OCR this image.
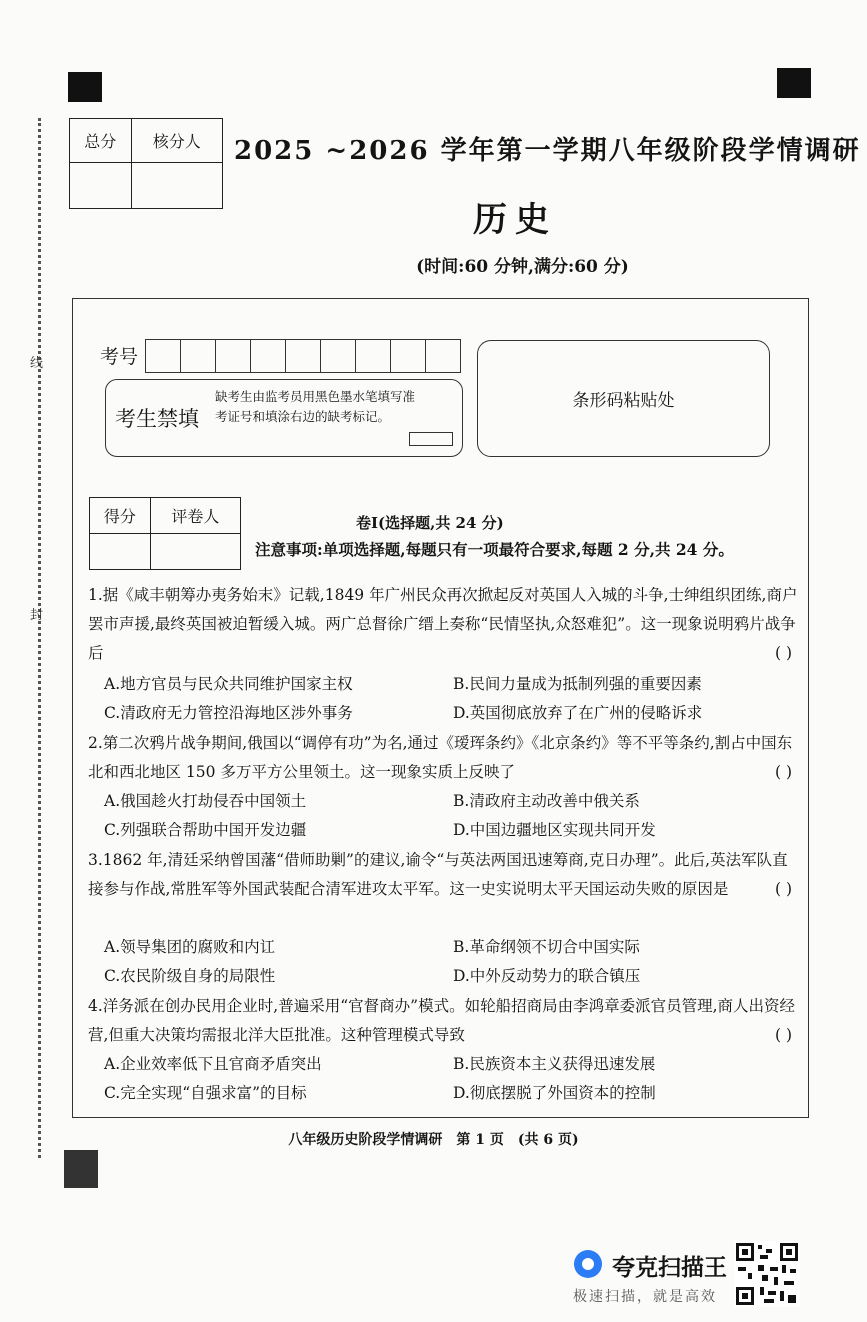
线
封
总分	核分人
	2025 ~2026 学年第一学期八年级阶段学情调研
历史
(时间:60 分钟,满分:60 分)
考号
考生禁填
缺考生由监考员用黑色墨水笔填写准考证号和填涂右边的缺考标记。
条形码粘贴处
得分	评卷人
		卷Ⅰ(选择题,共 24 分)
注意事项:单项选择题,每题只有一项最符合要求,每题 2 分,共 24 分。
1.据《咸丰朝筹办夷务始末》记载,1849 年广州民众再次掀起反对英国人入城的斗争,士绅组织团练,商户罢市声援,最终英国被迫暂缓入城。两广总督徐广缙上奏称“民情坚执,众怒难犯”。这一现象说明鸦片战争后	( )
A.地方官员与民众共同维护国家主权	B.民间力量成为抵制列强的重要因素
C.清政府无力管控沿海地区涉外事务	D.英国彻底放弃了在广州的侵略诉求
2.第二次鸦片战争期间,俄国以“调停有功”为名,通过《瑷珲条约》《北京条约》等不平等条约,割占中国东北和西北地区 150 多万平方公里领土。这一现象实质上反映了	( )
A.俄国趁火打劫侵吞中国领土	B.清政府主动改善中俄关系
C.列强联合帮助中国开发边疆	D.中国边疆地区实现共同开发
3.1862 年,清廷采纳曾国藩“借师助剿”的建议,谕令“与英法两国迅速筹商,克日办理”。此后,英法军队直接参与作战,常胜军等外国武装配合清军进攻太平军。这一史实说明太平天国运动失败的原因是	( )
A.领导集团的腐败和内讧	B.革命纲领不切合中国实际
C.农民阶级自身的局限性	D.中外反动势力的联合镇压
4.洋务派在创办民用企业时,普遍采用“官督商办”模式。如轮船招商局由李鸿章委派官员管理,商人出资经营,但重大决策均需报北洋大臣批准。这种管理模式导致	( )
A.企业效率低下且官商矛盾突出	B.民族资本主义获得迅速发展
C.完全实现“自强求富”的目标	D.彻底摆脱了外国资本的控制
八年级历史阶段学情调研　第 1 页　(共 6 页)
夸克扫描王
极速扫描，就是高效
